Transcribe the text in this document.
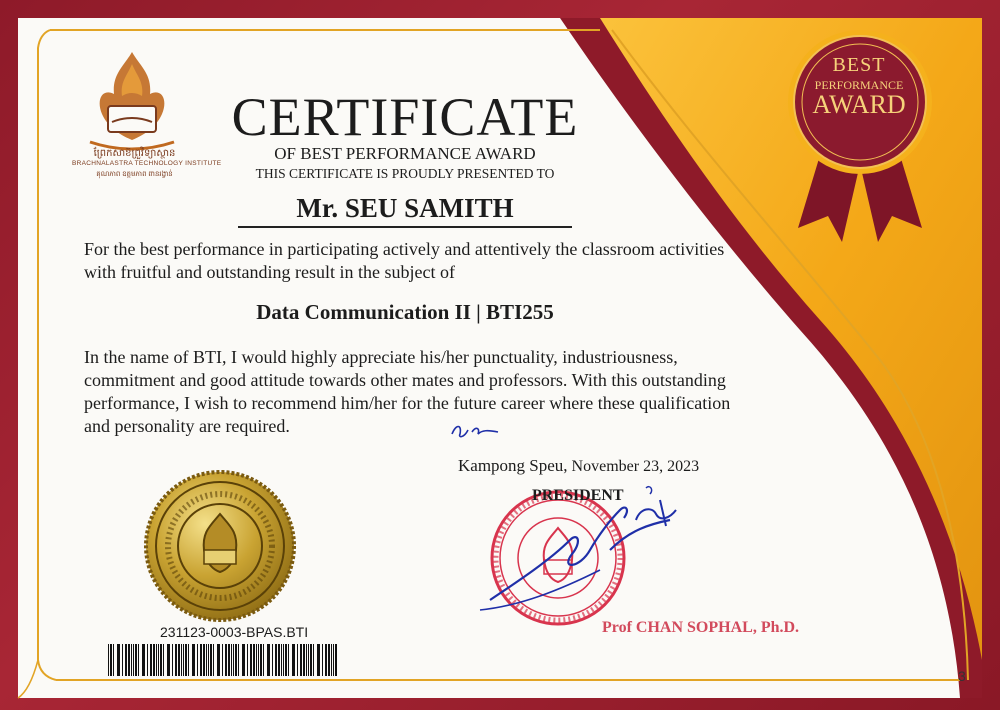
ព្រែកសាខ៊ព្រួវិទ្យាស្ថាន
BRACHNALASTRA TECHNOLOGY INSTITUTE
គុណភាព ឧត្តមភាព ពានរង្វាន់
BEST
PERFORMANCE
AWARD
CERTIFICATE
OF BEST PERFORMANCE AWARD
THIS CERTIFICATE IS PROUDLY PRESENTED TO
Mr. SEU SAMITH
For the best performance in participating actively and attentively the classroom activities with fruitful and outstanding result in the subject of
Data Communication II | BTI255
In the name of BTI, I would highly appreciate his/her punctuality, industriousness, commitment and good attitude towards other mates and professors. With this outstanding performance, I wish to recommend him/her for the future career where these qualification and personality are required.
Kampong Speu, November 23, 2023
PRESIDENT
Prof CHAN SOPHAL, Ph.D.
231123-0003-BPAS.BTI
3
